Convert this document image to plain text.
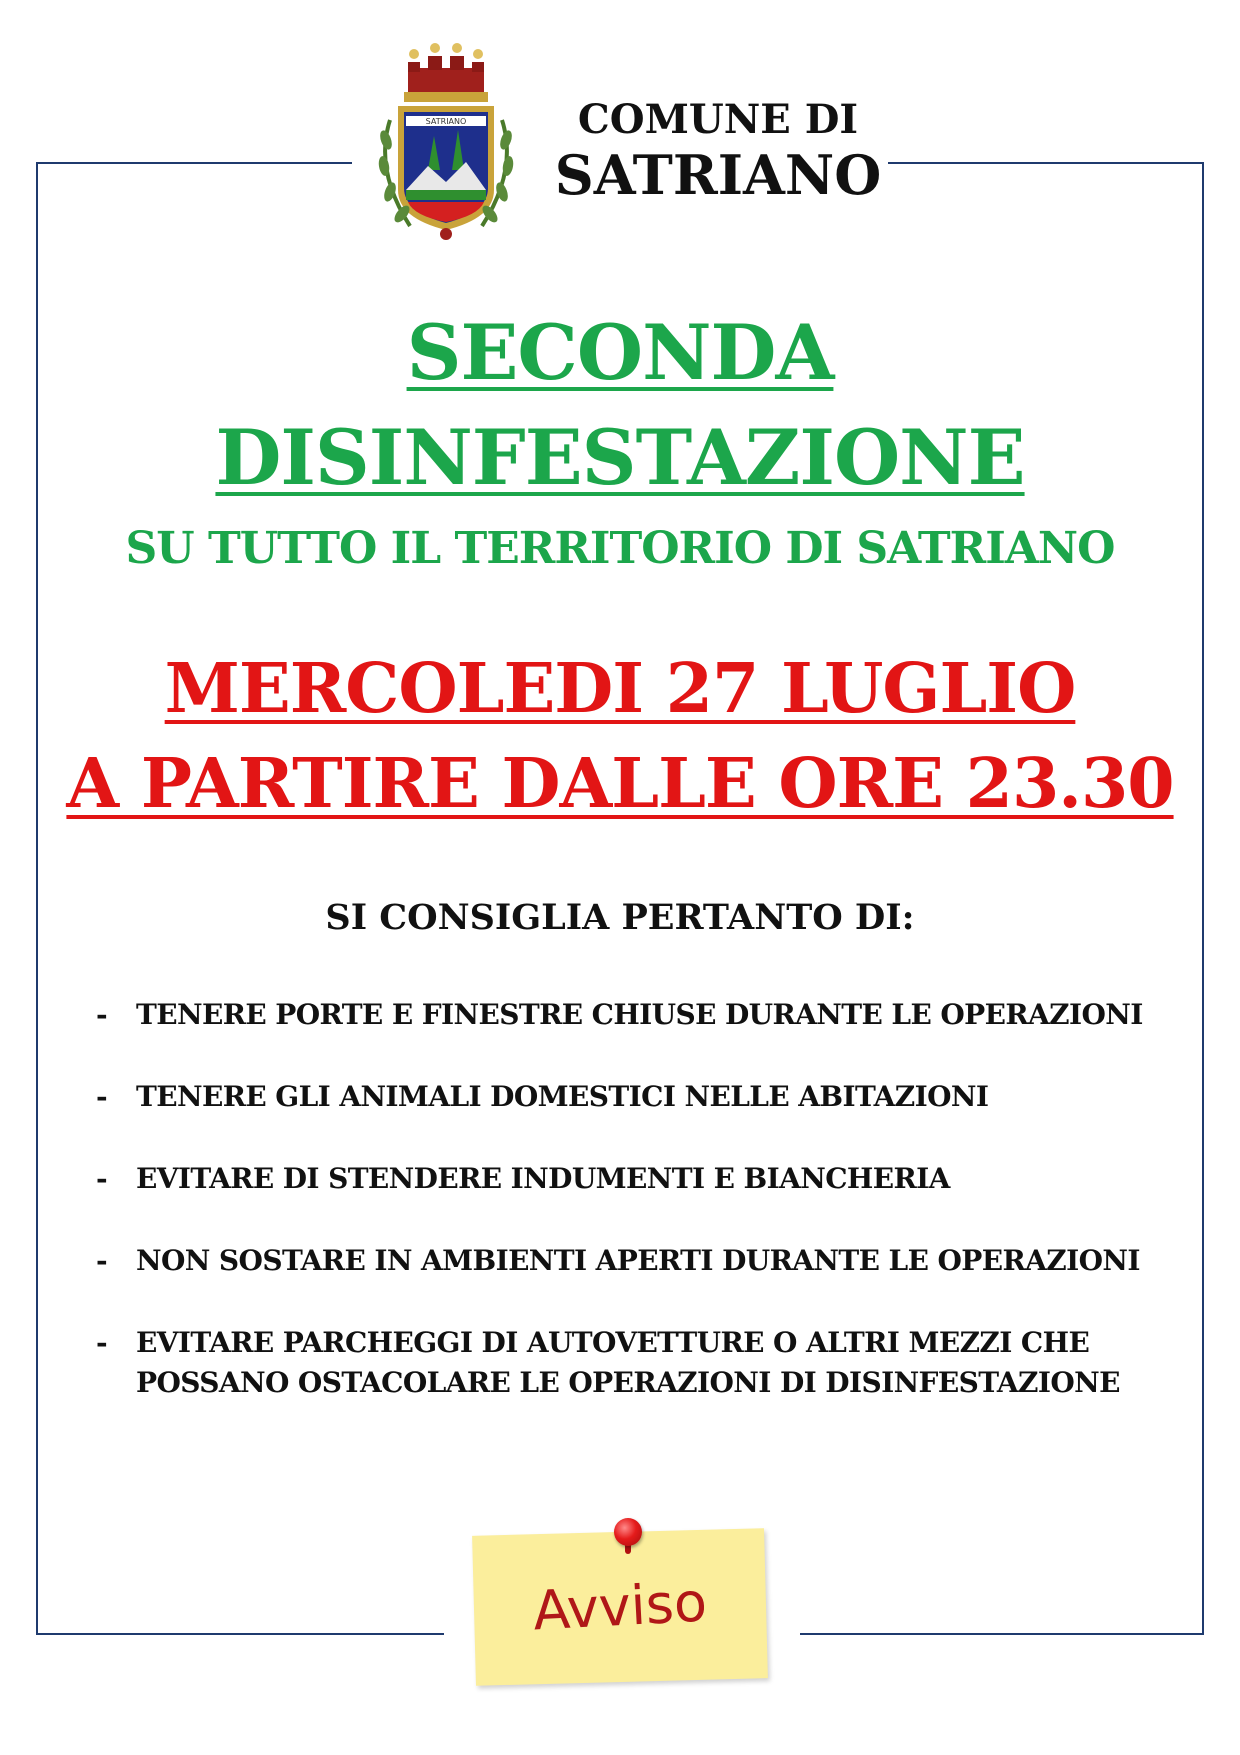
SATRIANO	COMUNE DI
SATRIANO
SECONDA
DISINFESTAZIONE
SU TUTTO IL TERRITORIO DI SATRIANO
MERCOLEDI 27 LUGLIO
A PARTIRE DALLE ORE 23.30
SI CONSIGLIA PERTANTO DI:
- TENERE PORTE E FINESTRE CHIUSE DURANTE LE OPERAZIONI
- TENERE GLI ANIMALI DOMESTICI NELLE ABITAZIONI
- EVITARE DI STENDERE INDUMENTI E BIANCHERIA
- NON SOSTARE IN AMBIENTI APERTI DURANTE LE OPERAZIONI
- EVITARE PARCHEGGI DI AUTOVETTURE O ALTRI MEZZI CHE POSSANO OSTACOLARE LE OPERAZIONI DI DISINFESTAZIONE
Avviso
